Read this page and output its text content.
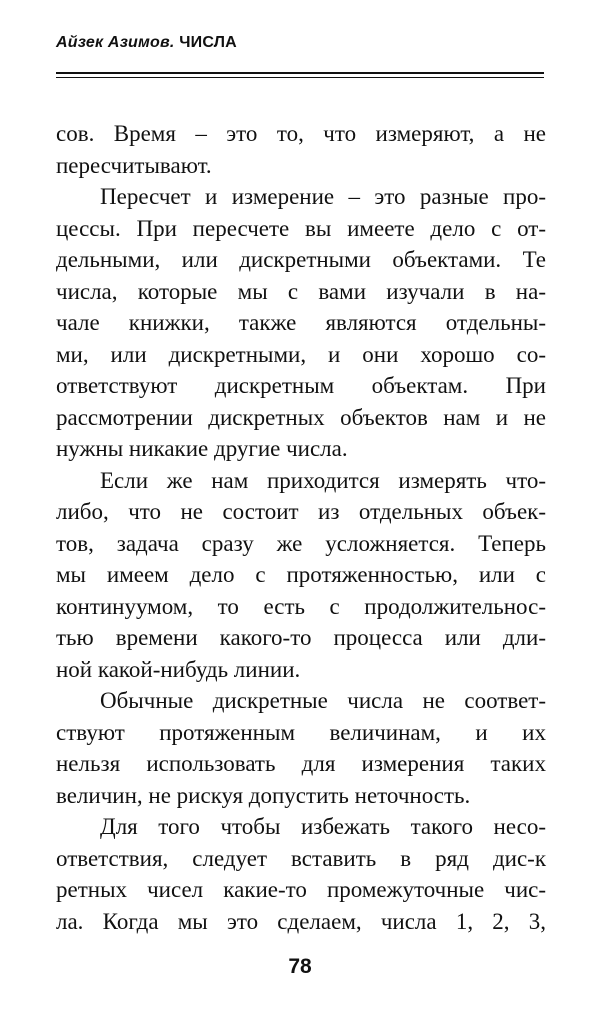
Айзек Азимов. ЧИСЛА
сов. Время – это то, что измеряют, а не
пересчитывают.
Пересчет и измерение – это разные про-
цессы. При пересчете вы имеете дело с от-
дельными, или дискретными объектами. Те
числа, которые мы с вами изучали в на-
чале книжки, также являются отдельны-
ми, или дискретными, и они хорошо со-
ответствуют дискретным объектам. При
рассмотрении дискретных объектов нам и не
нужны никакие другие числа.
Если же нам приходится измерять что-
либо, что не состоит из отдельных объек-
тов, задача сразу же усложняется. Теперь
мы имеем дело с протяженностью, или с
континуумом, то есть с продолжительнос-
тью времени какого-то процесса или дли-
ной какой-нибудь линии.
Обычные дискретные числа не соответ-
ствуют протяженным величинам, и их
нельзя использовать для измерения таких
величин, не рискуя допустить неточность.
Для того чтобы избежать такого несо-
ответствия, следует вставить в ряд дис-к
ретных чисел какие-то промежуточные чис-
ла. Когда мы это сделаем, числа 1, 2, 3,
78
